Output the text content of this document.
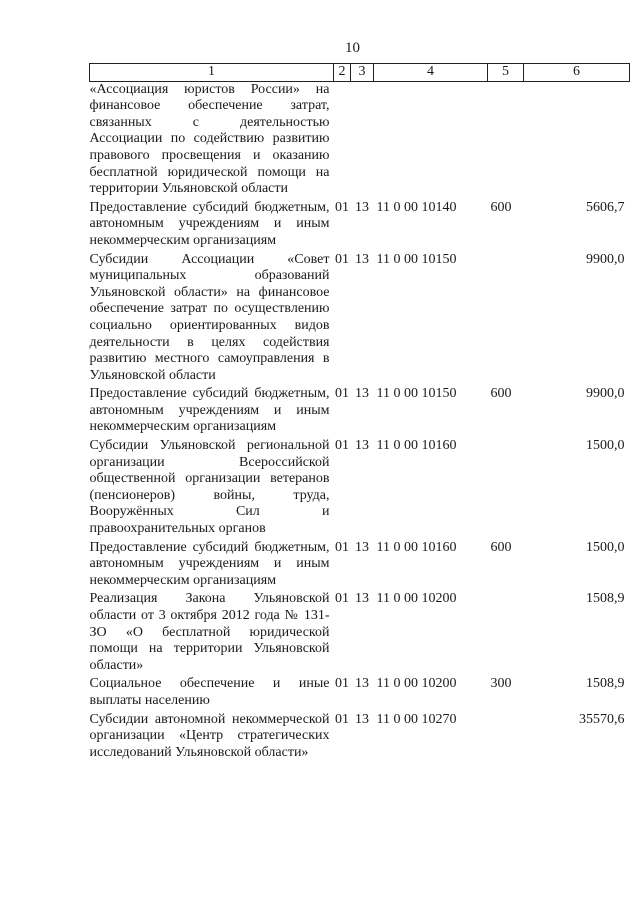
10
1	2	3	4	5	6
«Ассоциация юристов России» на финансовое обеспечение затрат, связанных с деятельностью Ассоциации по содействию развитию правового просвещения и оказанию бесплатной юридической помощи на территории Ульяновской области					
Предоставление субсидий бюджетным, автономным учреждениям и иным некоммерческим организациям	01	13	11 0 00 10140	600	5606,7
Субсидии Ассоциации «Совет муниципальных образований Ульяновской области» на финансовое обеспечение затрат по осуществлению социально ориентированных видов деятельности в целях содействия развитию местного самоуправления в Ульяновской области	01	13	11 0 00 10150		9900,0
Предоставление субсидий бюджетным, автономным учреждениям и иным некоммерческим организациям	01	13	11 0 00 10150	600	9900,0
Субсидии Ульяновской региональной организации Всероссийской общественной организации ветеранов (пенсионеров) войны, труда, Вооружённых Сил и правоохранительных органов	01	13	11 0 00 10160		1500,0
Предоставление субсидий бюджетным, автономным учреждениям и иным некоммерческим организациям	01	13	11 0 00 10160	600	1500,0
Реализация Закона Ульяновской области от 3 октября 2012 года № 131-ЗО «О бесплатной юридической помощи на территории Ульяновской области»	01	13	11 0 00 10200		1508,9
Социальное обеспечение и иные выплаты населению	01	13	11 0 00 10200	300	1508,9
Субсидии автономной некоммерческой организации «Центр стратегических исследований Ульяновской области»	01	13	11 0 00 10270		35570,6
